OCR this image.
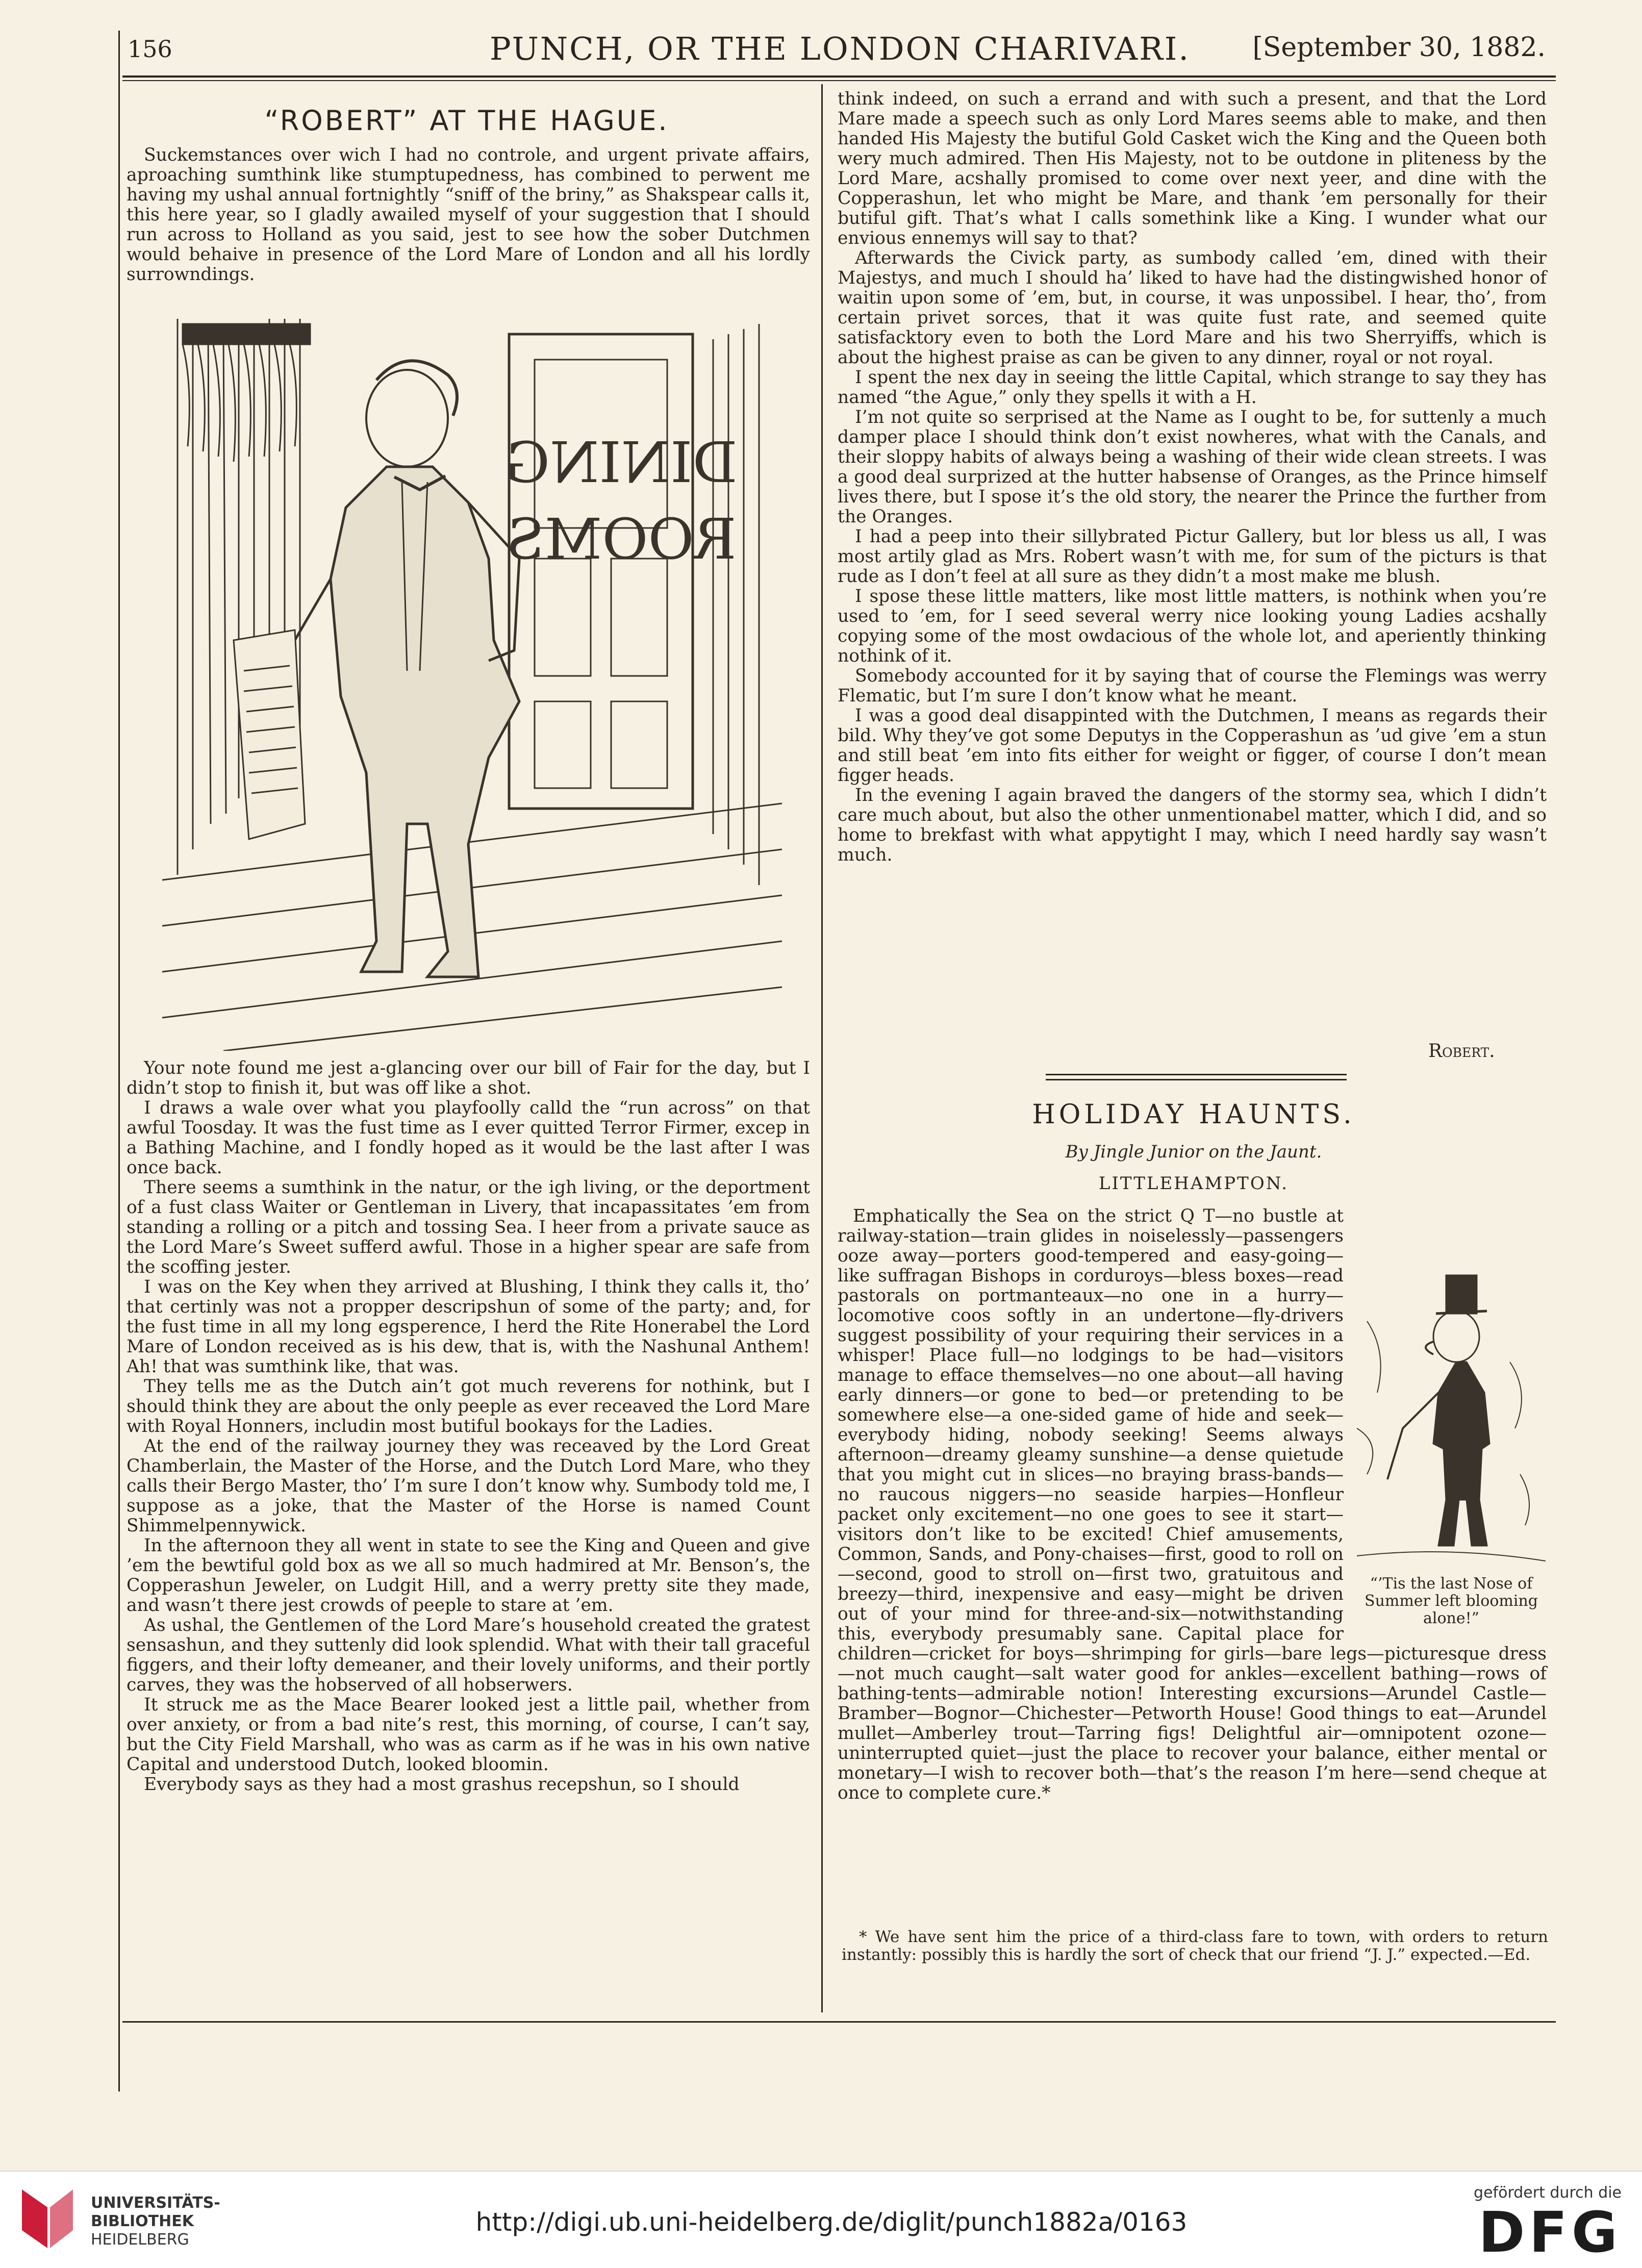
156	PUNCH, OR THE LONDON CHARIVARI. [September 30, 1882.
“ROBERT” AT THE HAGUE.

Suckemstances over wich I had no controle, and urgent private affairs, aproaching sumthink like stumptupedness, has combined to perwent me having my ushal annual fortnightly “sniff of the briny,” as Shakspear calls it, this here year, so I gladly awailed myself of your suggestion that I should run across to Holland as you said, jest to see how the sober Dutchmen would behaive in presence of the Lord Mare of London and all his lordly surrowndings.

DINING
ROOMS

Your note found me jest a-glancing over our bill of Fair for the day, but I didn’t stop to finish it, but was off like a shot.

I draws a wale over what you playfoolly calld the “run across” on that awful Toosday. It was the fust time as I ever quitted Terror Firmer, excep in a Bathing Machine, and I fondly hoped as it would be the last after I was once back.

There seems a sumthink in the natur, or the igh living, or the deportment of a fust class Waiter or Gentleman in Livery, that incapassitates ’em from standing a rolling or a pitch and tossing Sea. I heer from a private sauce as the Lord Mare’s Sweet sufferd awful. Those in a higher spear are safe from the scoffing jester.

I was on the Key when they arrived at Blushing, I think they calls it, tho’ that certinly was not a propper descripshun of some of the party; and, for the fust time in all my long egsperence, I herd the Rite Honerabel the Lord Mare of London received as is his dew, that is, with the Nashunal Anthem! Ah! that was sumthink like, that was.

They tells me as the Dutch ain’t got much reverens for nothink, but I should think they are about the only peeple as ever receaved the Lord Mare with Royal Honners, includin most butiful bookays for the Ladies.

At the end of the railway journey they was receaved by the Lord Great Chamberlain, the Master of the Horse, and the Dutch Lord Mare, who they calls their Bergo Master, tho’ I’m sure I don’t know why. Sumbody told me, I suppose as a joke, that the Master of the Horse is named Count Shimmelpennywick.

In the afternoon they all went in state to see the King and Queen and give ’em the bewtiful gold box as we all so much hadmired at Mr. Benson’s, the Copperashun Jeweler, on Ludgit Hill, and a werry pretty site they made, and wasn’t there jest crowds of peeple to stare at ’em.

As ushal, the Gentlemen of the Lord Mare’s household created the gratest sensashun, and they suttenly did look splendid. What with their tall graceful figgers, and their lofty demeaner, and their lovely uniforms, and their portly carves, they was the hobserved of all hobserwers.

It struck me as the Mace Bearer looked jest a little pail, whether from over anxiety, or from a bad nite’s rest, this morning, of course, I can’t say, but the City Field Marshall, who was as carm as if he was in his own native Capital and understood Dutch, looked bloomin.

Everybody says as they had a most grashus recepshun, so I should

think indeed, on such a errand and with such a present, and that the Lord Mare made a speech such as only Lord Mares seems able to make, and then handed His Majesty the butiful Gold Casket wich the King and the Queen both wery much admired. Then His Majesty, not to be outdone in pliteness by the Lord Mare, acshally promised to come over next yeer, and dine with the Copperashun, let who might be Mare, and thank ’em personally for their butiful gift. That’s what I calls somethink like a King. I wunder what our envious ennemys will say to that?

Afterwards the Civick party, as sumbody called ’em, dined with their Majestys, and much I should ha’ liked to have had the distingwished honor of waitin upon some of ’em, but, in course, it was unpossibel. I hear, tho’, from certain privet sorces, that it was quite fust rate, and seemed quite satisfacktory even to both the Lord Mare and his two Sherryiffs, which is about the highest praise as can be given to any dinner, royal or not royal.

I spent the nex day in seeing the little Capital, which strange to say they has named “the Ague,” only they spells it with a H.

I’m not quite so serprised at the Name as I ought to be, for suttenly a much damper place I should think don’t exist nowheres, what with the Canals, and their sloppy habits of always being a washing of their wide clean streets. I was a good deal surprized at the hutter habsense of Oranges, as the Prince himself lives there, but I spose it’s the old story, the nearer the Prince the further from the Oranges.

I had a peep into their sillybrated Pictur Gallery, but lor bless us all, I was most artily glad as Mrs. Robert wasn’t with me, for sum of the picturs is that rude as I don’t feel at all sure as they didn’t a most make me blush.

I spose these little matters, like most little matters, is nothink when you’re used to ’em, for I seed several werry nice looking young Ladies acshally copying some of the most owdacious of the whole lot, and aperiently thinking nothink of it.

Somebody accounted for it by saying that of course the Flemings was werry Flematic, but I’m sure I don’t know what he meant.

I was a good deal disappinted with the Dutchmen, I means as regards their bild. Why they’ve got some Deputys in the Copperashun as ’ud give ’em a stun and still beat ’em into fits either for weight or figger, of course I don’t mean figger heads.

In the evening I again braved the dangers of the stormy sea, which I didn’t care much about, but also the other unmentionabel matter, which I did, and so home to brekfast with what appytight I may, which I need hardly say wasn’t much.

Robert.
HOLIDAY HAUNTS.
By Jingle Junior on the Jaunt.
LITTLEHAMPTON.

Emphatically the Sea on the strict Q T—no bustle at railway-station—train glides in noiselessly—passengers ooze away—porters good-tempered and easy-going—like suffragan Bishops in corduroys—bless boxes—read pastorals on portmanteaux—no one in a hurry—locomotive coos softly in an undertone—fly-drivers suggest possibility of your requiring their services in a whisper! Place full—no lodgings to be had—visitors manage to efface themselves—no one about—all having early dinners—or gone to bed—or pretending to be somewhere else—a one-sided game of hide and seek—everybody hiding, nobody seeking! Seems always afternoon—dreamy gleamy sunshine—a dense quietude that you might cut in slices—no braying brass-bands—no raucous niggers—no seaside harpies—Honfleur packet only excitement—no one goes to see it start—visitors don’t like to be excited! Chief amusements, Common, Sands, and Pony-chaises—first, good to roll on—second, good to stroll on—first two, gratuitous and breezy—third, inexpensive and easy—might be driven out of your mind for three-and-six—notwithstanding this, everybody presumably sane. Capital place for children—cricket for boys—shrimping for girls—bare legs—picturesque dress—not much caught—salt water good for ankles—excellent bathing—rows of bathing-tents—admirable notion! Interesting excursions—Arundel Castle—Bramber—Bognor—Chichester—Petworth House! Good things to eat—Arundel mullet—Amberley trout—Tarring figs! Delightful air—omnipotent ozone—uninterrupted quiet—just the place to recover your balance, either mental or monetary—I wish to recover both—that’s the reason I’m here—send cheque at once to complete cure.*

“’Tis the last Nose of Summer left blooming alone!”

* We have sent him the price of a third-class fare to town, with orders to return instantly: possibly this is hardly the sort of check that our friend “J. J.” expected.—Ed.

UNIVERSITÄTS-
BIBLIOTHEK
HEIDELBERG
http://digi.ub.uni-heidelberg.de/diglit/punch1882a/0163
gefördert durch die
DFG
